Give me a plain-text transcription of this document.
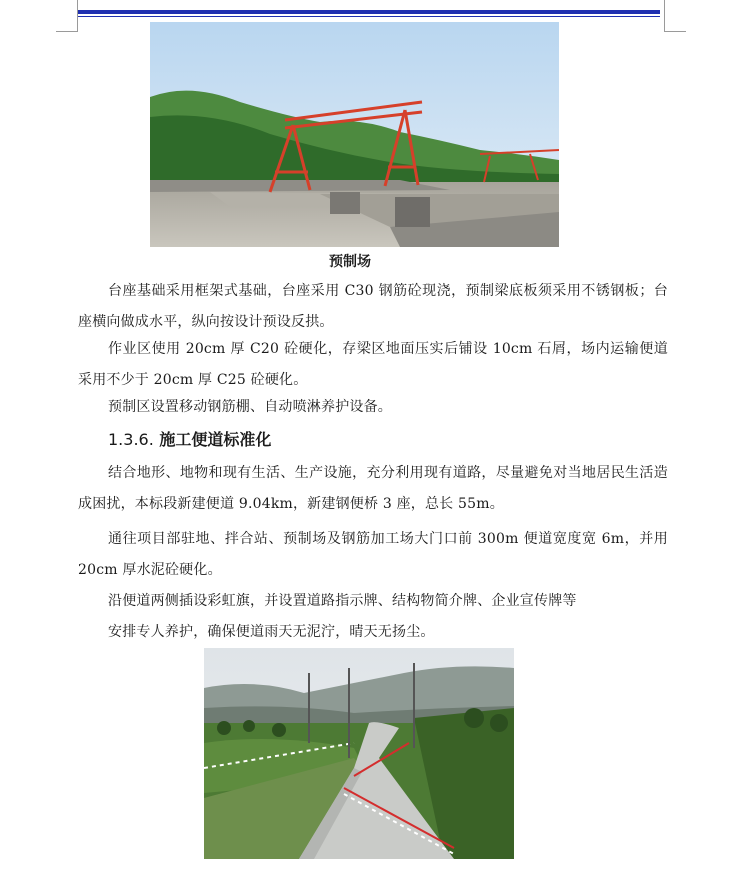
预制场

台座基础采用框架式基础，台座采用 C30 钢筋砼现浇，预制梁底板须采用不锈钢板；台座横向做成水平，纵向按设计预设反拱。

作业区使用 20cm 厚 C20 砼硬化，存梁区地面压实后铺设 10cm 石屑，场内运输便道采用不少于 20cm 厚 C25 砼硬化。

预制区设置移动钢筋棚、自动喷淋养护设备。

1.3.6. 施工便道标准化

结合地形、地物和现有生活、生产设施，充分利用现有道路，尽量避免对当地居民生活造成困扰，本标段新建便道 9.04km，新建钢便桥 3 座，总长 55m。

通往项目部驻地、拌合站、预制场及钢筋加工场大门口前 300m 便道宽度宽 6m，并用 20cm 厚水泥砼硬化。

沿便道两侧插设彩虹旗，并设置道路指示牌、结构物简介牌、企业宣传牌等

安排专人养护，确保便道雨天无泥泞，晴天无扬尘。
